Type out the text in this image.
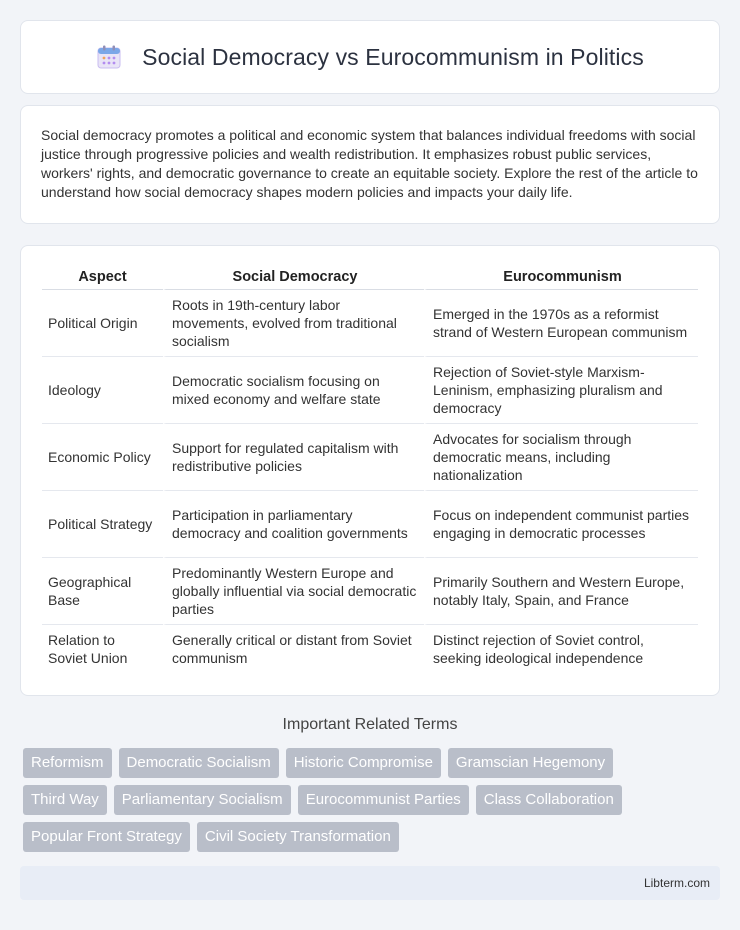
Social Democracy vs Eurocommunism in Politics

Social democracy promotes a political and economic system that balances individual freedoms with social justice through progressive policies and wealth redistribution. It emphasizes robust public services, workers' rights, and democratic governance to create an equitable society. Explore the rest of the article to understand how social democracy shapes modern policies and impacts your daily life.

Aspect	Social Democracy	Eurocommunism
Political Origin	Roots in 19th-century labor movements, evolved from traditional socialism	Emerged in the 1970s as a reformist strand of Western European communism
Ideology	Democratic socialism focusing on mixed economy and welfare state	Rejection of Soviet-style Marxism-Leninism, emphasizing pluralism and democracy
Economic Policy	Support for regulated capitalism with redistributive policies	Advocates for socialism through democratic means, including nationalization
Political Strategy	Participation in parliamentary democracy and coalition governments	Focus on independent communist parties engaging in democratic processes
Geographical Base	Predominantly Western Europe and globally influential via social democratic parties	Primarily Southern and Western Europe, notably Italy, Spain, and France
Relation to Soviet Union	Generally critical or distant from Soviet communism	Distinct rejection of Soviet control, seeking ideological independence
Important Related Terms
Reformism	Democratic Socialism	Historic Compromise	Gramscian Hegemony
Third Way	Parliamentary Socialism	Eurocommunist Parties	Class Collaboration
Popular Front Strategy	Civil Society Transformation
Libterm.com
